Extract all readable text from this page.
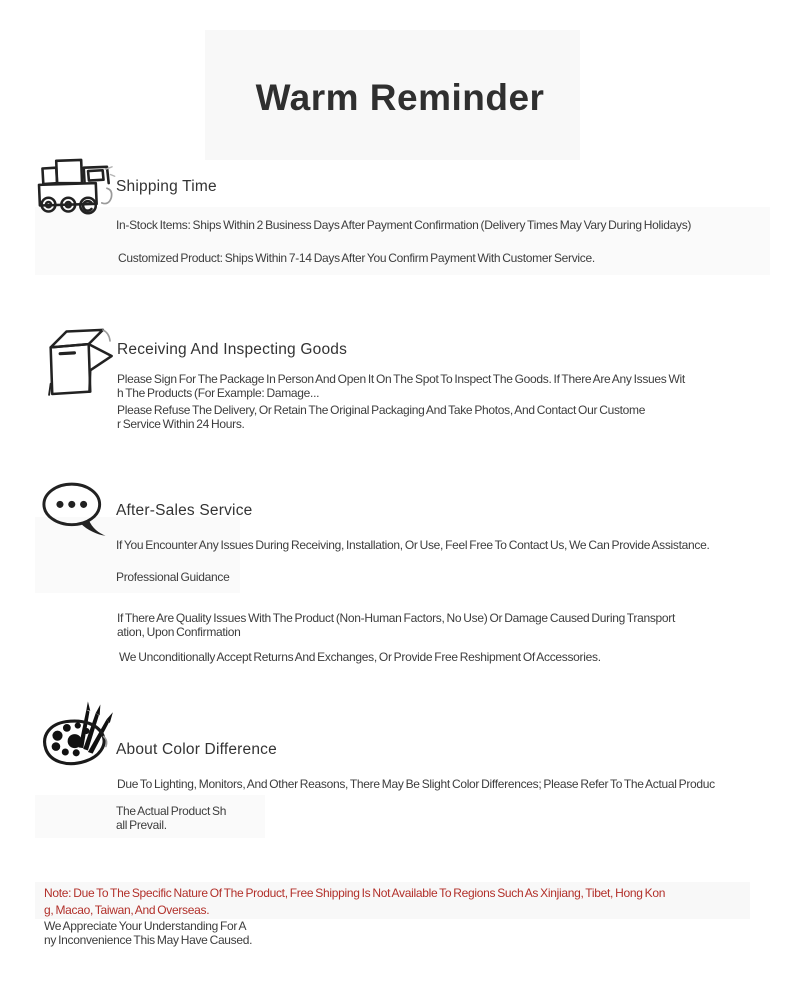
Warm Reminder
Shipping Time
In-Stock Items: Ships Within 2 Business Days After Payment Confirmation (Delivery Times May Vary During Holidays)
Customized Product: Ships Within 7-14 Days After You Confirm Payment With Customer Service.
Receiving And Inspecting Goods
Please Sign For The Package In Person And Open It On The Spot To Inspect The Goods. If There Are Any Issues Wit
h The Products (For Example: Damage...
Please Refuse The Delivery, Or Retain The Original Packaging And Take Photos, And Contact Our Custome
r Service Within 24 Hours.
After-Sales Service
If You Encounter Any Issues During Receiving, Installation, Or Use, Feel Free To Contact Us, We Can Provide Assistance.
Professional Guidance
If There Are Quality Issues With The Product (Non-Human Factors, No Use) Or Damage Caused During Transport
ation, Upon Confirmation
We Unconditionally Accept Returns And Exchanges, Or Provide Free Reshipment Of Accessories.
About Color Difference
Due To Lighting, Monitors, And Other Reasons, There May Be Slight Color Differences; Please Refer To The Actual Produc
The Actual Product Sh
all Prevail.
Note: Due To The Specific Nature Of The Product, Free Shipping Is Not Available To Regions Such As Xinjiang, Tibet, Hong Kon
g, Macao, Taiwan, And Overseas.
We Appreciate Your Understanding For A
ny Inconvenience This May Have Caused.
